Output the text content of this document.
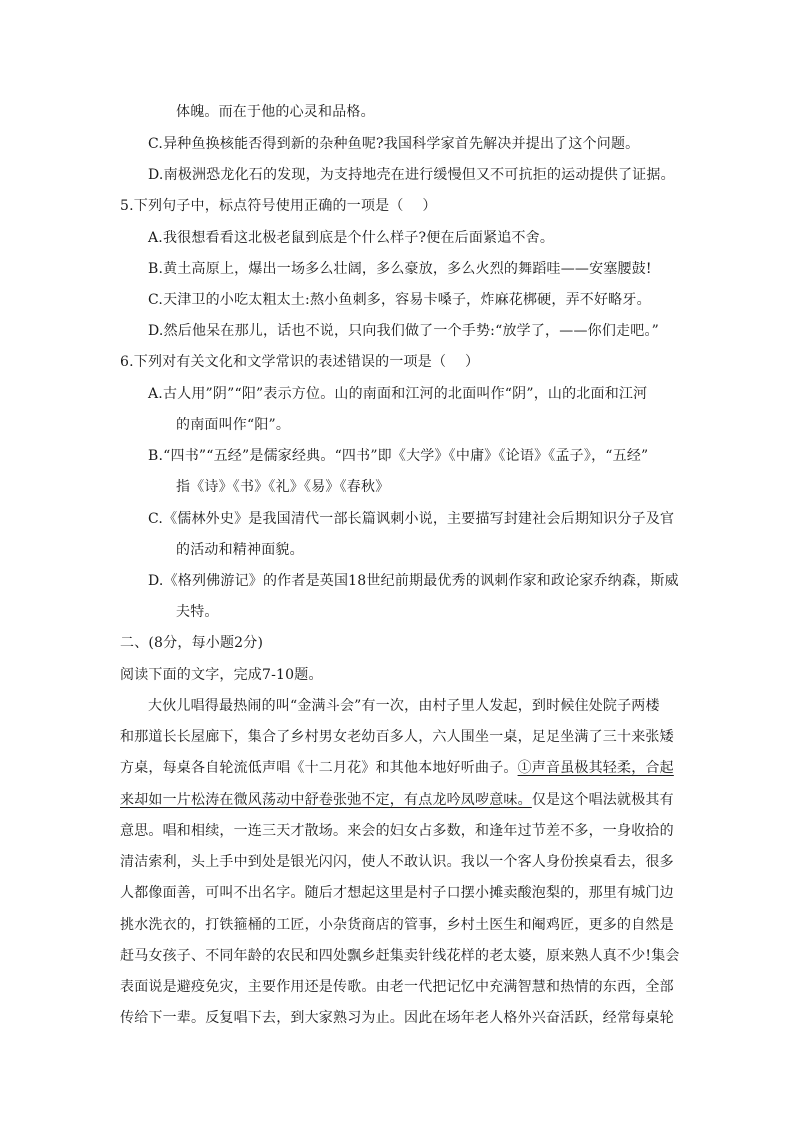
体魄。而在于他的心灵和品格。
C.异种鱼换核能否得到新的杂种鱼呢?我国科学家首先解决并提出了这个问题。
D.南极洲恐龙化石的发现，为支持地壳在进行缓慢但又不可抗拒的运动提供了证据。
5.下列句子中，标点符号使用正确的一项是（　 ）
A.我很想看看这北极老鼠到底是个什么样子?便在后面紧追不舍。
B.黄土高原上，爆出一场多么壮阔，多么豪放，多么火烈的舞蹈哇——安塞腰鼓!
C.天津卫的小吃太粗太土:熬小鱼刺多，容易卡嗓子，炸麻花梆硬，弄不好略牙。
D.然后他呆在那儿，话也不说，只向我们做了一个手势:“放学了，——你们走吧。”
6.下列对有关文化和文学常识的表述错误的一项是（　 ）
A.古人用”阴”“阳”表示方位。山的南面和江河的北面叫作“阴”，山的北面和江河
的南面叫作“阳”。
B.“四书”“五经”是儒家经典。“四书”即《大学》《中庸》《论语》《孟子》，“五经”
指《诗》《书》《礼》《易》《春秋》
C.《儒林外史》是我国清代一部长篇讽刺小说，主要描写封建社会后期知识分子及官
的活动和精神面貌。
D.《格列佛游记》的作者是英国18世纪前期最优秀的讽刺作家和政论家乔纳森，斯威
夫特。
二、(8分，每小题2分)
阅读下面的文字，完成7-10题。
大伙儿唱得最热闹的叫“金满斗会”有一次，由村子里人发起，到时候住处院子两楼
和那道长长屋廊下，集合了乡村男女老幼百多人，六人围坐一桌，足足坐满了三十来张矮
方桌，每桌各自轮流低声唱《十二月花》和其他本地好听曲子。①声音虽极其轻柔，合起
来却如一片松涛在微风荡动中舒卷张弛不定，有点龙吟凤哕意味。仅是这个唱法就极其有
意思。唱和相续，一连三天才散场。来会的妇女占多数，和逢年过节差不多，一身收拾的
清洁索利，头上手中到处是银光闪闪，使人不敢认识。我以一个客人身份挨桌看去，很多
人都像面善，可叫不出名字。随后才想起这里是村子口摆小摊卖酸泡梨的，那里有城门边
挑水洗衣的，打铁箍桶的工匠，小杂货商店的管事，乡村土医生和阉鸡匠，更多的自然是
赶马女孩子、不同年龄的农民和四处飘乡赶集卖针线花样的老太婆，原来熟人真不少!集会
表面说是避疫免灾，主要作用还是传歌。由老一代把记忆中充满智慧和热情的东西，全部
传给下一辈。反复唱下去，到大家熟习为止。因此在场年老人格外兴奋活跃，经常每桌轮
